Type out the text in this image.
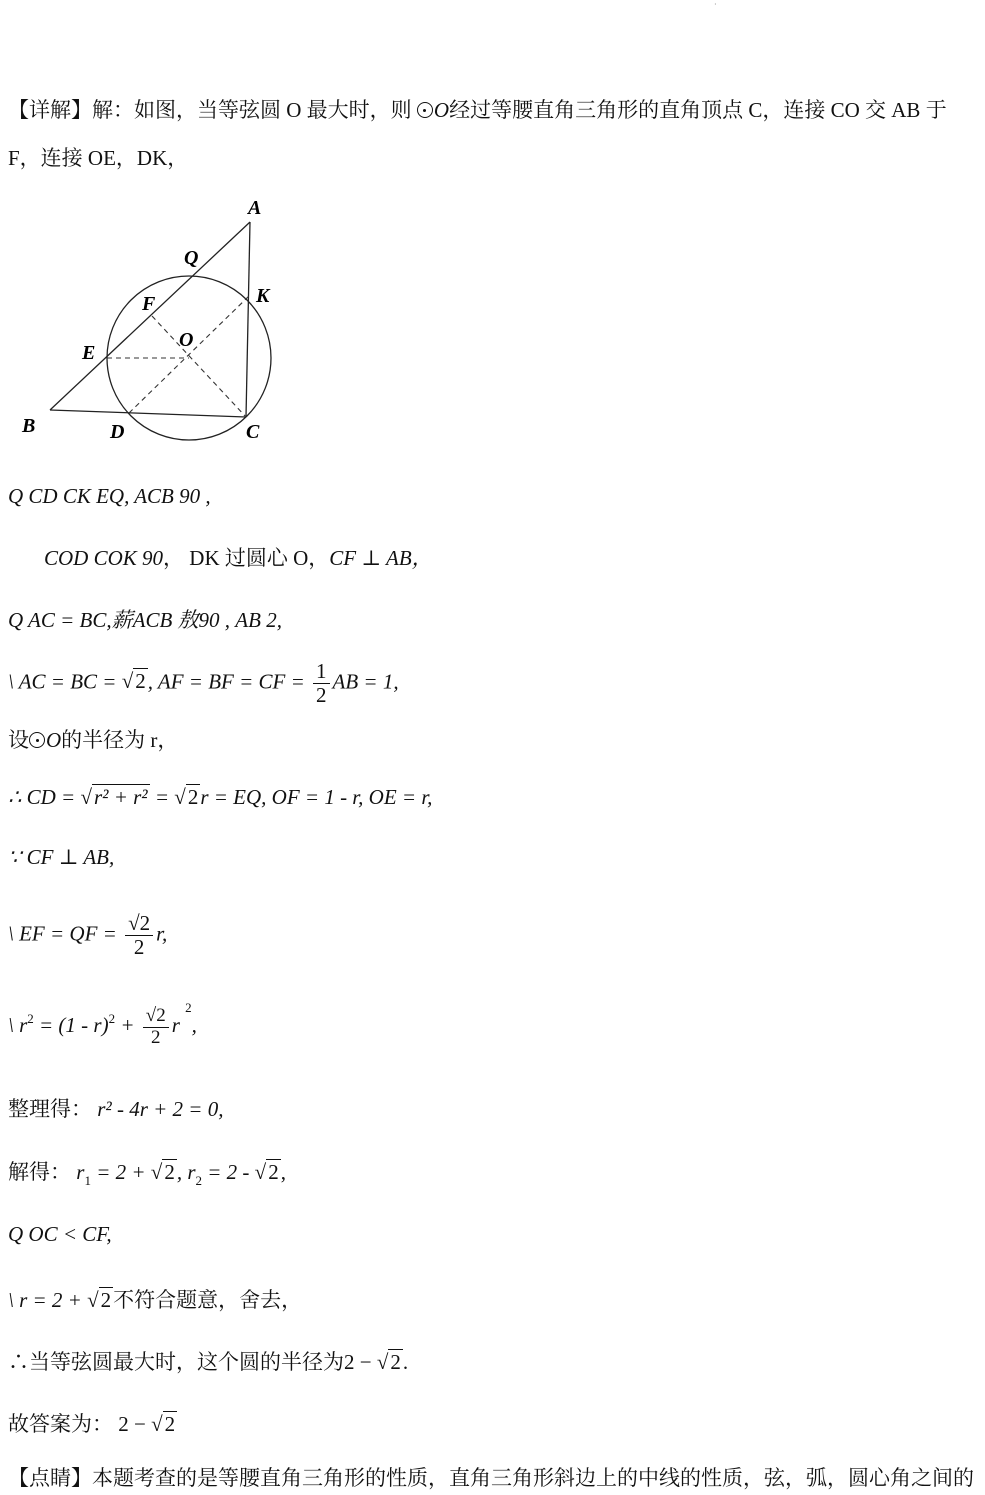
·
【详解】解：如图，当等弦圆 O 最大时，则 O经过等腰直角三角形的直角顶点 C，连接 CO 交 AB 于
F，连接 OE，DK，
A
Q
K
F
O
E
B	D	C
Q CD CK EQ, ACB 90 ,
COD COK 90， DK 过圆心 O，CF ⊥ AB，
Q AC = BC,薪ACB 敖90 , AB 2,
\ AC = BC = √2, AF = BF = CF = $\frac{1}{2}$ AB = 1,
设 O的半径为 r，
∴ CD = √r² + r² = √2r = EQ, OF = 1 - r, OE = r,
∵ CF ⊥ AB,
\ EF = QF = $\frac{√2}{2} r$,
\ $r^2 = (1 - r)^2 + \frac{√2}{2}$ r $^2$,
整理得： r² - 4r + 2 = 0,
解得： $r_1 = 2 + √2$, $r_2 = 2 - √2$,
Q OC < CF,
\ r = 2 + √2不符合题意，舍去，
∴当等弦圆最大时，这个圆的半径为2 − √2.
故答案为： 2 − √2
【点睛】本题考查的是等腰直角三角形的性质，直角三角形斜边上的中线的性质，弦，弧，圆心角之间的
